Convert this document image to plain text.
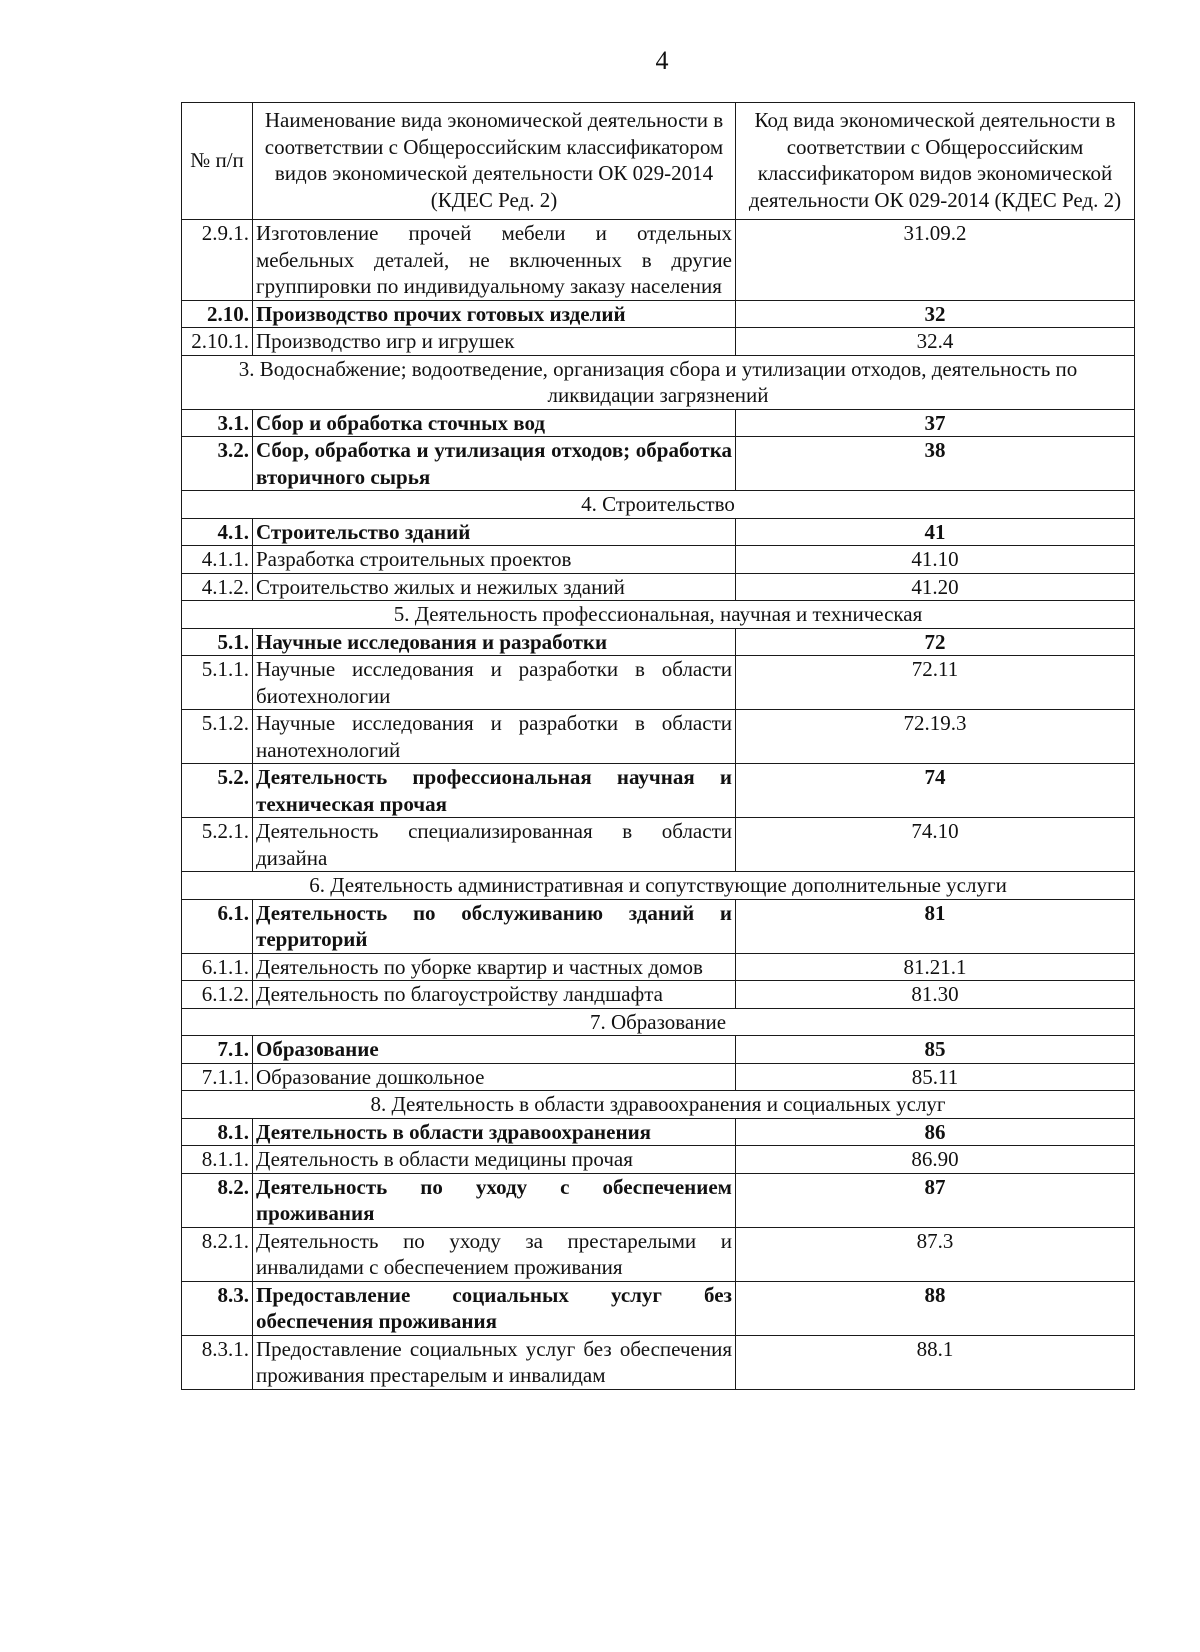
4
№ п/п	Наименование вида экономической деятельности в соответствии с Общероссийским классификатором видов экономической деятельности ОК 029-2014 (КДЕС Ред. 2)	Код вида экономической деятельности в соответствии с Общероссийским классификатором видов экономической деятельности ОК 029-2014 (КДЕС Ред. 2)
2.9.1.	Изготовление прочей мебели и отдельных мебельных деталей, не включенных в другие группировки по индивидуальному заказу населения	31.09.2
2.10.	Производство прочих готовых изделий	32
2.10.1.	Производство игр и игрушек	32.4
3. Водоснабжение; водоотведение, организация сбора и утилизации отходов, деятельность по ликвидации загрязнений		
3.1.	Сбор и обработка сточных вод	37
3.2.	Сбор, обработка и утилизация отходов; обработка вторичного сырья	38
4. Строительство		
4.1.	Строительство зданий	41
4.1.1.	Разработка строительных проектов	41.10
4.1.2.	Строительство жилых и нежилых зданий	41.20
5. Деятельность профессиональная, научная и техническая		
5.1.	Научные исследования и разработки	72
5.1.1.	Научные исследования и разработки в области биотехнологии	72.11
5.1.2.	Научные исследования и разработки в области нанотехнологий	72.19.3
5.2.	Деятельность профессиональная научная и техническая прочая	74
5.2.1.	Деятельность специализированная в области дизайна	74.10
6. Деятельность административная и сопутствующие дополнительные услуги		
6.1.	Деятельность по обслуживанию зданий и территорий	81
6.1.1.	Деятельность по уборке квартир и частных домов	81.21.1
6.1.2.	Деятельность по благоустройству ландшафта	81.30
7. Образование		
7.1.	Образование	85
7.1.1.	Образование дошкольное	85.11
8. Деятельность в области здравоохранения и социальных услуг		
8.1.	Деятельность в области здравоохранения	86
8.1.1.	Деятельность в области медицины прочая	86.90
8.2.	Деятельность по уходу с обеспечением проживания	87
8.2.1.	Деятельность по уходу за престарелыми и инвалидами с обеспечением проживания	87.3
8.3.	Предоставление социальных услуг без обеспечения проживания	88
8.3.1.	Предоставление социальных услуг без обеспечения проживания престарелым и инвалидам	88.1
